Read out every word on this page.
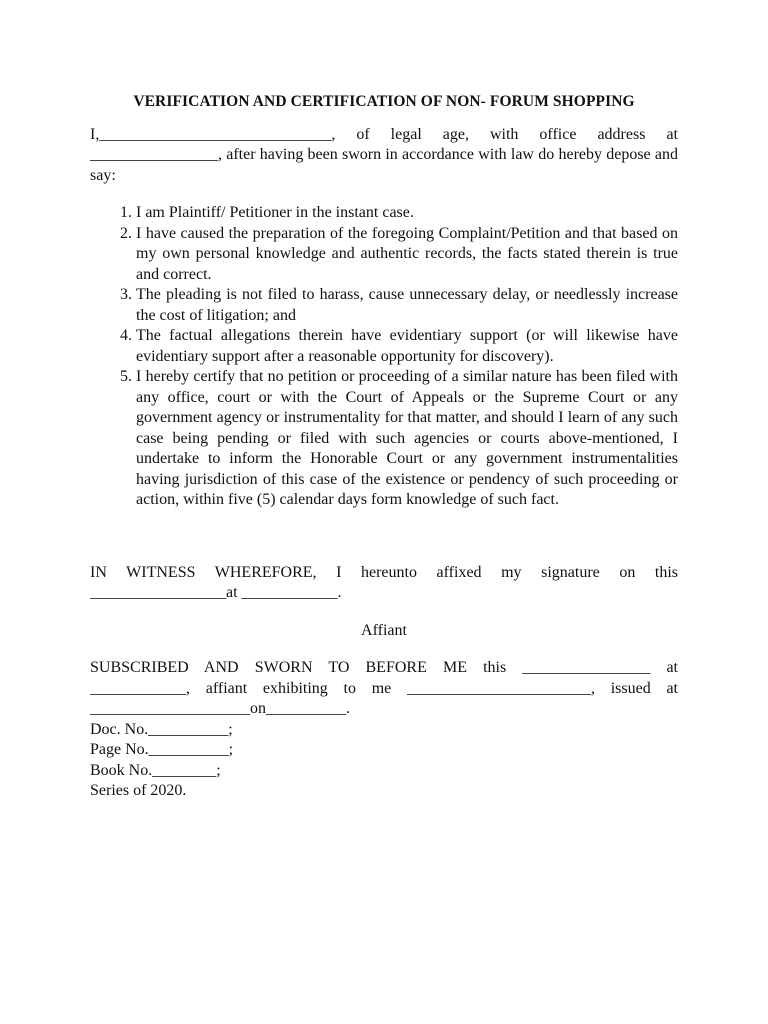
VERIFICATION AND CERTIFICATION OF NON- FORUM SHOPPING

I,_____________________________, of legal age, with office address at ________________, after having been sworn in accordance with law do hereby depose and say:

1. I am Plaintiff/ Petitioner in the instant case.
2. I have caused the preparation of the foregoing Complaint/Petition and that based on my own personal knowledge and authentic records, the facts stated therein is true and correct.
3. The pleading is not filed to harass, cause unnecessary delay, or needlessly increase the cost of litigation; and
4. The factual allegations therein have evidentiary support (or will likewise have evidentiary support after a reasonable opportunity for discovery).
5. I hereby certify that no petition or proceeding of a similar nature has been filed with any office, court or with the Court of Appeals or the Supreme Court or any government agency or instrumentality for that matter, and should I learn of any such case being pending or filed with such agencies or courts above-mentioned, I undertake to inform the Honorable Court or any government instrumentalities having jurisdiction of this case of the existence or pendency of such proceeding or action, within five (5) calendar days form knowledge of such fact.

IN WITNESS WHEREFORE, I hereunto affixed my signature on this _________________at ____________.

Affiant

SUBSCRIBED AND SWORN TO BEFORE ME this ________________ at ____________, affiant exhibiting to me _______________________, issued at ____________________on__________.

Doc. No.__________;
Page No.__________;
Book No.________;
Series of 2020.
